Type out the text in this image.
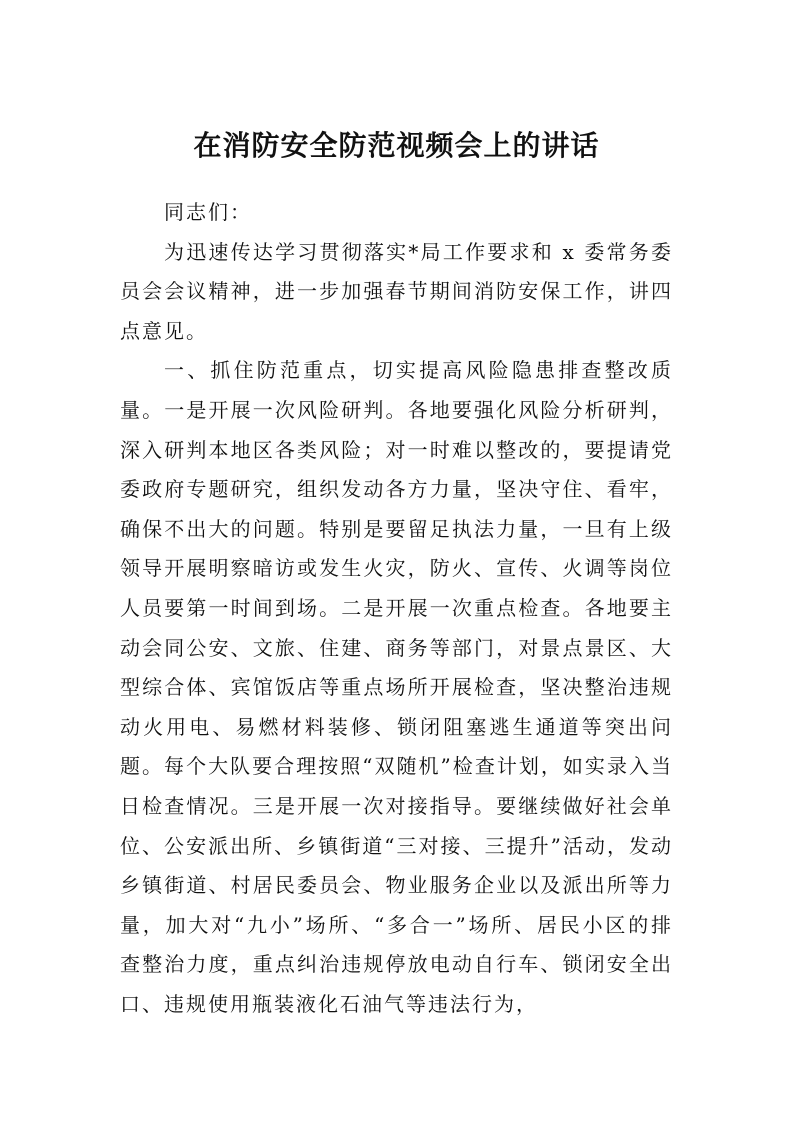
在消防安全防范视频会上的讲话

同志们：

为迅速传达学习贯彻落实*局工作要求和 x 委常务委员会会议精神，进一步加强春节期间消防安保工作，讲四点意见。

一、抓住防范重点，切实提高风险隐患排查整改质量。一是开展一次风险研判。各地要强化风险分析研判，深入研判本地区各类风险；对一时难以整改的，要提请党委政府专题研究，组织发动各方力量，坚决守住、看牢，确保不出大的问题。特别是要留足执法力量，一旦有上级领导开展明察暗访或发生火灾，防火、宣传、火调等岗位人员要第一时间到场。二是开展一次重点检查。各地要主动会同公安、文旅、住建、商务等部门，对景点景区、大型综合体、宾馆饭店等重点场所开展检查，坚决整治违规动火用电、易燃材料装修、锁闭阻塞逃生通道等突出问题。每个大队要合理按照“双随机”检查计划，如实录入当日检查情况。三是开展一次对接指导。要继续做好社会单位、公安派出所、乡镇街道“三对接、三提升”活动，发动乡镇街道、村居民委员会、物业服务企业以及派出所等力量，加大对“九小”场所、“多合一”场所、居民小区的排查整治力度，重点纠治违规停放电动自行车、锁闭安全出口、违规使用瓶装液化石油气等违法行为，
